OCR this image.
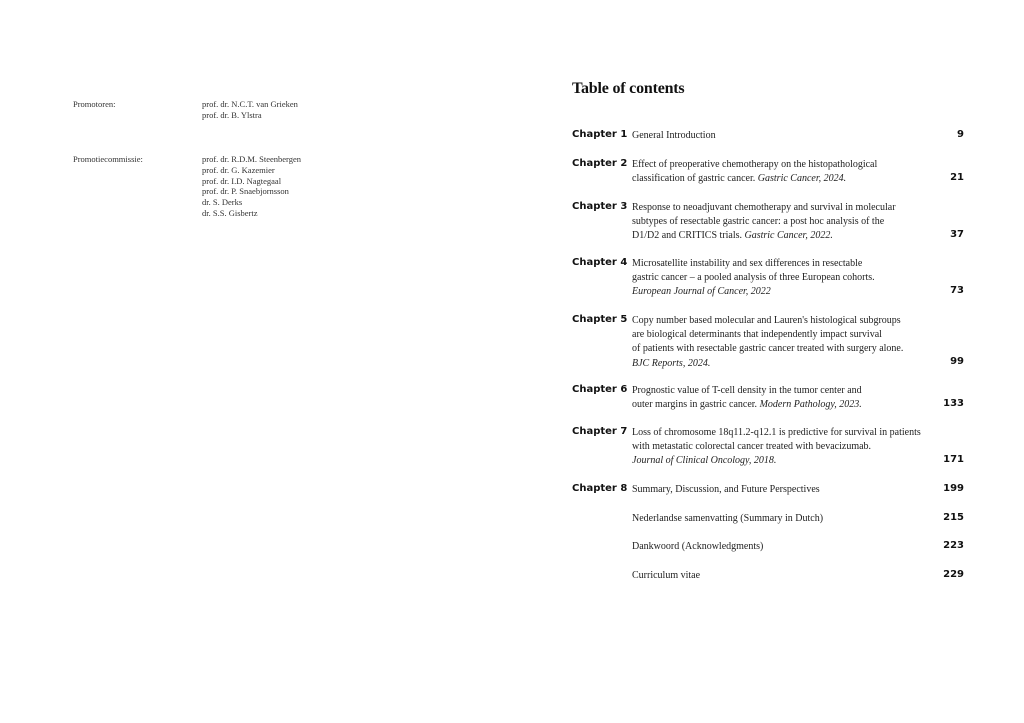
Promotoren:	prof. dr. N.C.T. van Grieken
prof. dr. B. Ylstra
Promotiecommissie:	prof. dr. R.D.M. Steenbergen
prof. dr. G. Kazemier
prof. dr. I.D. Nagtegaal
prof. dr. P. Snaebjornsson
dr. S. Derks
dr. S.S. Gisbertz
Table of contents
Chapter 1 General Introduction	9
Chapter 2 Effect of preoperative chemotherapy on the histopathological
classification of gastric cancer. Gastric Cancer, 2024.	21
Chapter 3 Response to neoadjuvant chemotherapy and survival in molecular
subtypes of resectable gastric cancer: a post hoc analysis of the
D1/D2 and CRITICS trials. Gastric Cancer, 2022.	37
Chapter 4 Microsatellite instability and sex differences in resectable
gastric cancer – a pooled analysis of three European cohorts.
European Journal of Cancer, 2022	73
Chapter 5 Copy number based molecular and Lauren's histological subgroups
are biological determinants that independently impact survival
of patients with resectable gastric cancer treated with surgery alone.
BJC Reports, 2024.	99
Chapter 6 Prognostic value of T-cell density in the tumor center and
outer margins in gastric cancer. Modern Pathology, 2023.	133
Chapter 7 Loss of chromosome 18q11.2-q12.1 is predictive for survival in patients
with metastatic colorectal cancer treated with bevacizumab.
Journal of Clinical Oncology, 2018.	171
Chapter 8 Summary, Discussion, and Future Perspectives	199
Nederlandse samenvatting (Summary in Dutch)	215
Dankwoord (Acknowledgments)	223
Curriculum vitae	229
